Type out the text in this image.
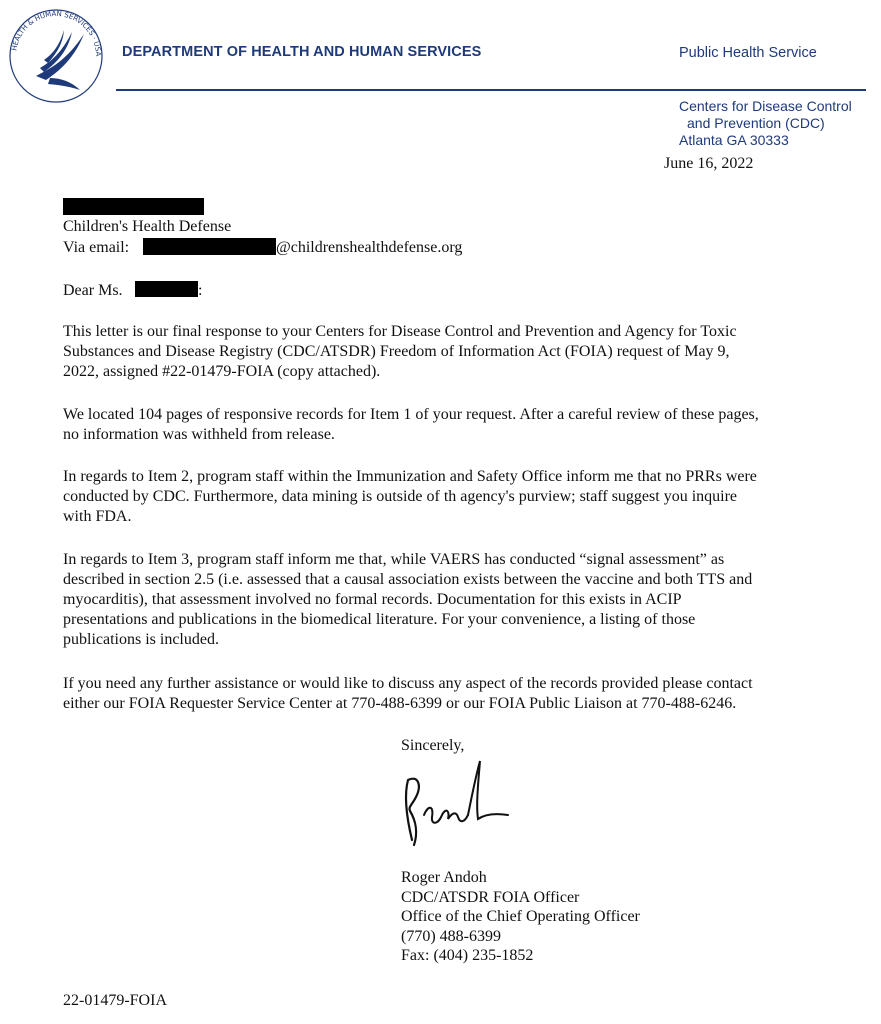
HEALTH & HUMAN SERVICES · USA DEPARTMENT OF HEALTH AND HUMAN SERVICES	Public Health Service
Centers for Disease Control
and Prevention (CDC)
Atlanta GA 30333
June 16, 2022
Children's Health Defense
Via email:	@childrenshealthdefense.org
Dear Ms.	:
This letter is our final response to your Centers for Disease Control and Prevention and Agency for Toxic
Substances and Disease Registry (CDC/ATSDR) Freedom of Information Act (FOIA) request of May 9,
2022, assigned #22-01479-FOIA (copy attached).
We located 104 pages of responsive records for Item 1 of your request. After a careful review of these pages,
no information was withheld from release.
In regards to Item 2, program staff within the Immunization and Safety Office inform me that no PRRs were
conducted by CDC. Furthermore, data mining is outside of th agency's purview; staff suggest you inquire
with FDA.
In regards to Item 3, program staff inform me that, while VAERS has conducted “signal assessment” as
described in section 2.5 (i.e. assessed that a causal association exists between the vaccine and both TTS and
myocarditis), that assessment involved no formal records. Documentation for this exists in ACIP
presentations and publications in the biomedical literature. For your convenience, a listing of those
publications is included.
If you need any further assistance or would like to discuss any aspect of the records provided please contact
either our FOIA Requester Service Center at 770-488-6399 or our FOIA Public Liaison at 770-488-6246.
Sincerely,
Roger Andoh
CDC/ATSDR FOIA Officer
Office of the Chief Operating Officer
(770) 488-6399
Fax: (404) 235-1852
22-01479-FOIA
